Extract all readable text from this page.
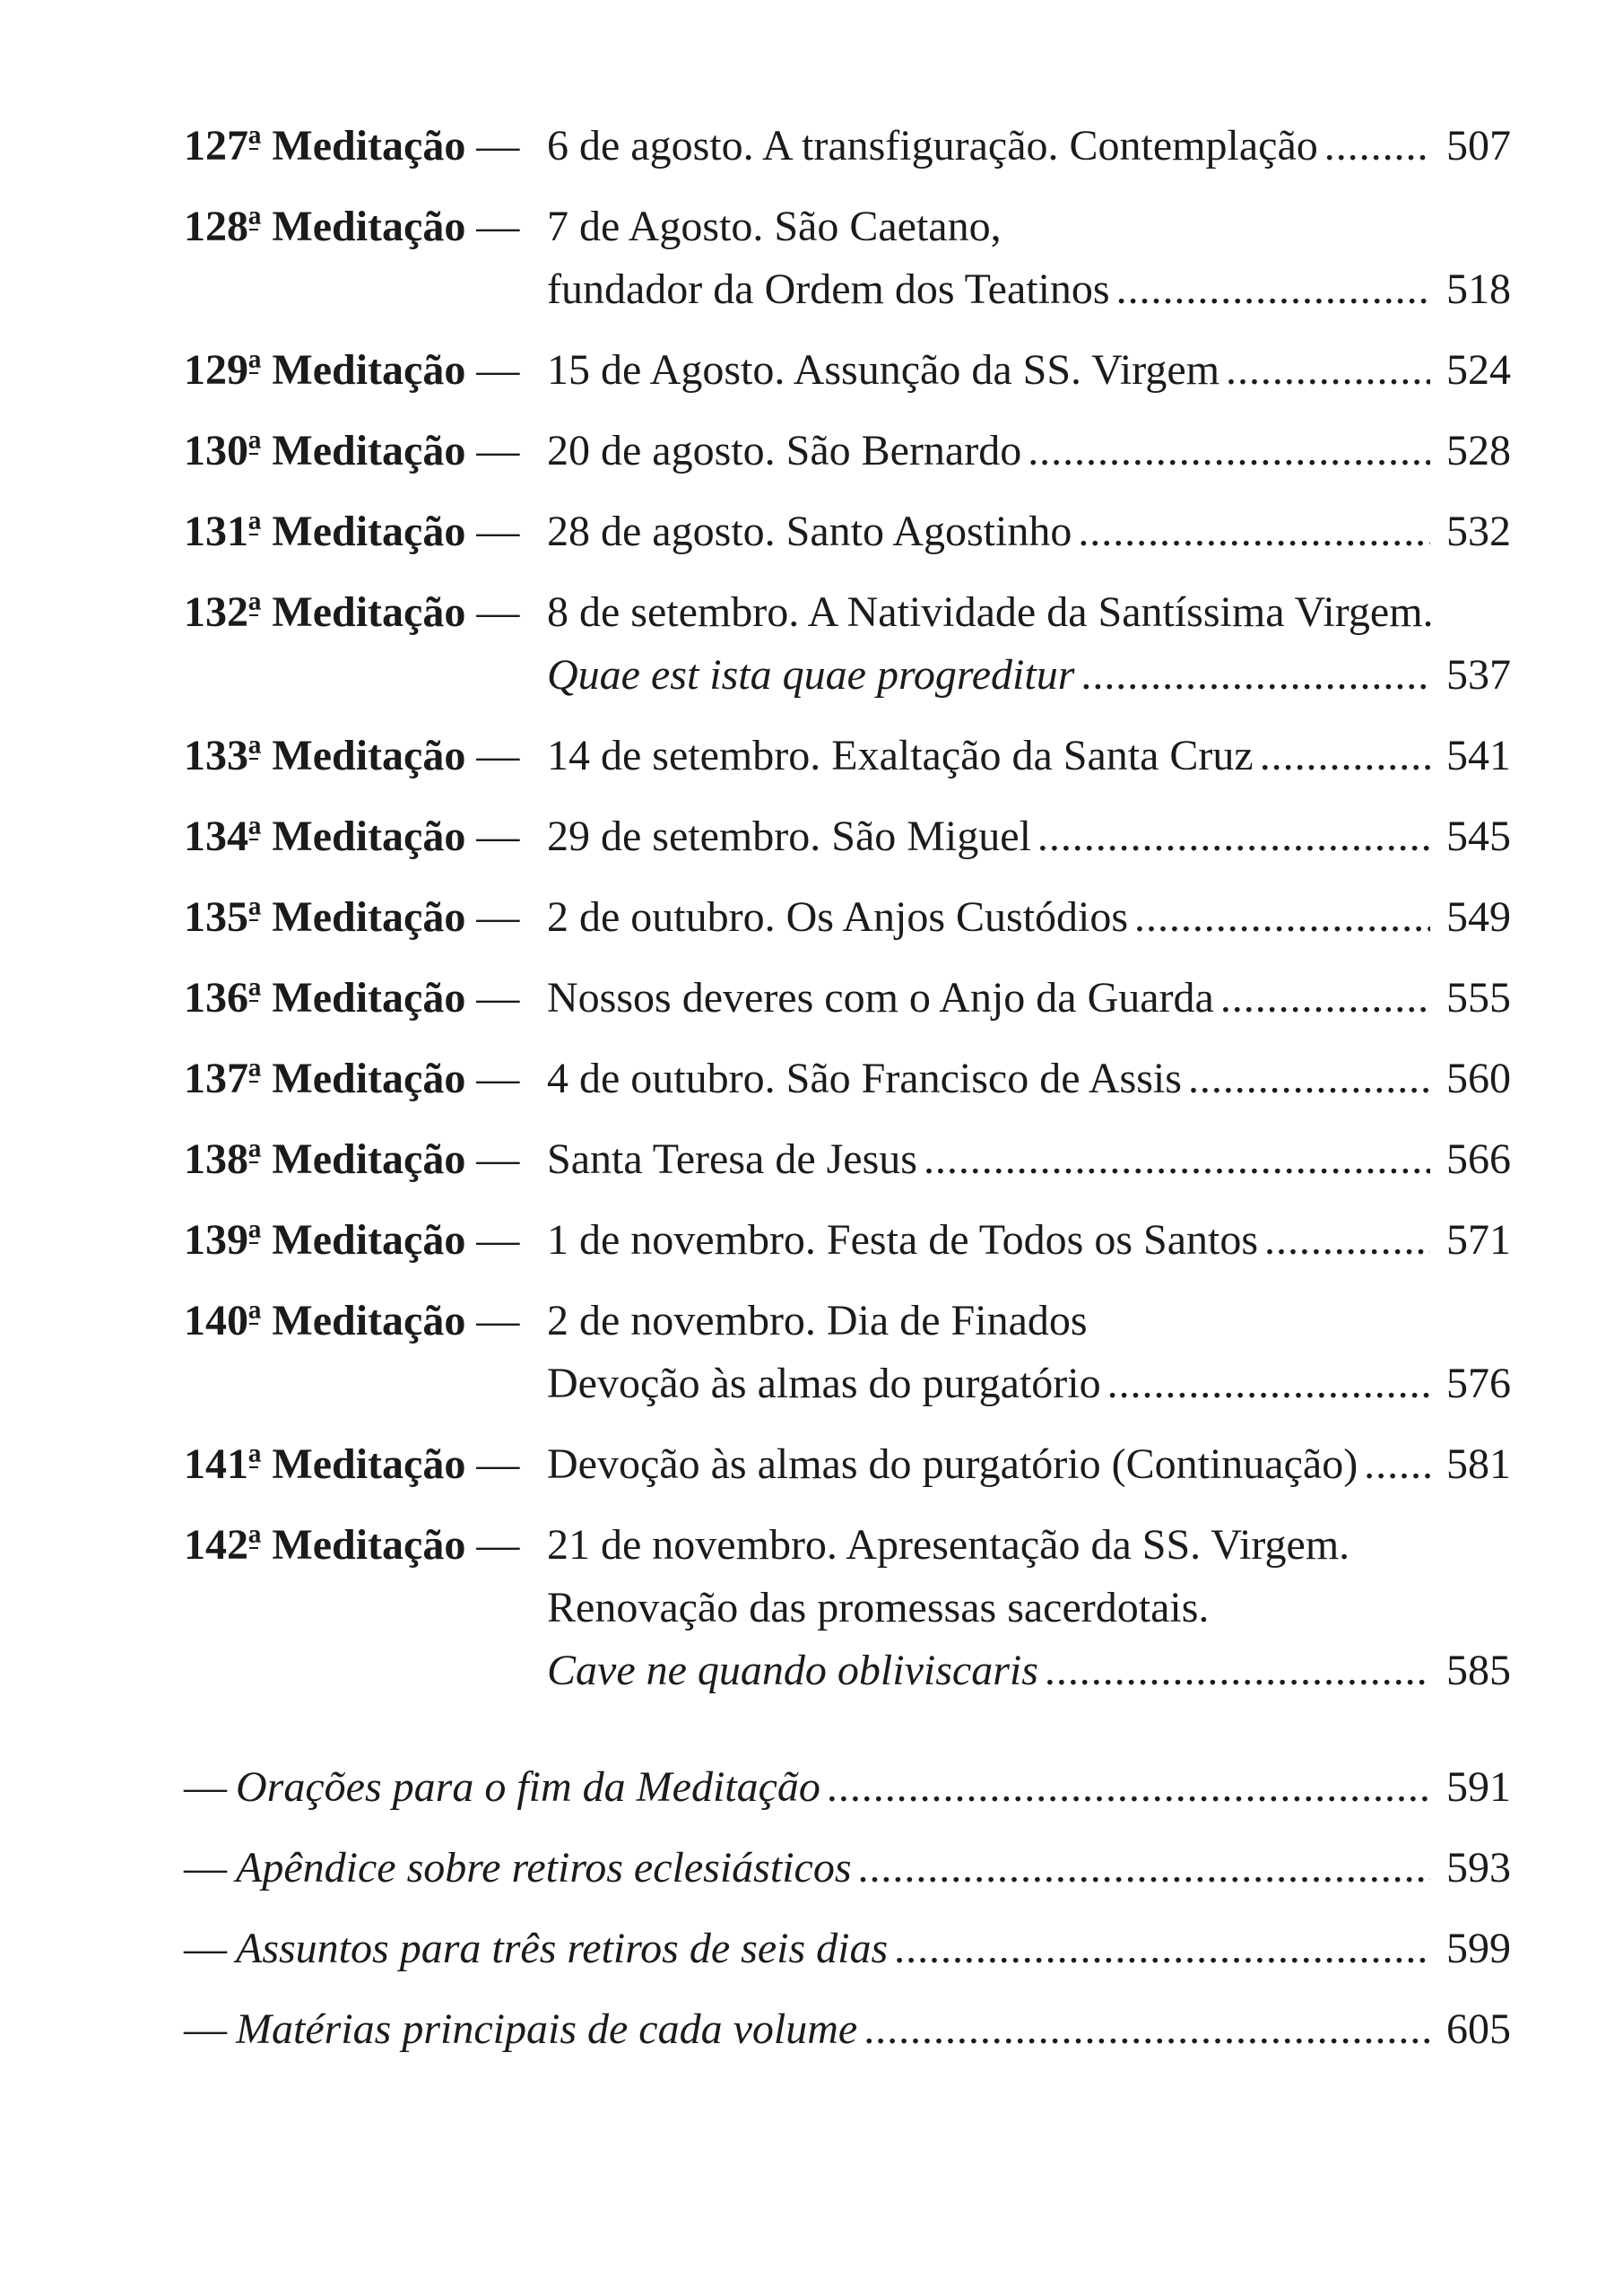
127ª Meditação — 6 de agosto. A transfiguração. Contemplação .....	507
128ª Meditação — 7 de Agosto. São Caetano,
fundador da Ordem dos Teatinos .....	518
129ª Meditação — 15 de Agosto. Assunção da SS. Virgem .....	524
130ª Meditação — 20 de agosto. São Bernardo .....	528
131ª Meditação — 28 de agosto. Santo Agostinho .....	532
132ª Meditação — 8 de setembro. A Natividade da Santíssima Virgem.
Quae est ista quae progreditur .....	537
133ª Meditação — 14 de setembro. Exaltação da Santa Cruz .....	541
134ª Meditação — 29 de setembro. São Miguel .....	545
135ª Meditação — 2 de outubro. Os Anjos Custódios .....	549
136ª Meditação — Nossos deveres com o Anjo da Guarda .....	555
137ª Meditação — 4 de outubro. São Francisco de Assis .....	560
138ª Meditação — Santa Teresa de Jesus .....	566
139ª Meditação — 1 de novembro. Festa de Todos os Santos .....	571
140ª Meditação — 2 de novembro. Dia de Finados
Devoção às almas do purgatório .....	576
141ª Meditação — Devoção às almas do purgatório (Continuação) ..... 581
142ª Meditação — 21 de novembro. Apresentação da SS. Virgem.
Renovação das promessas sacerdotais.
Cave ne quando obliviscaris .....	585
— Orações para o fim da Meditação .....	591
— Apêndice sobre retiros eclesiásticos .....	593
— Assuntos para três retiros de seis dias .....	599
— Matérias principais de cada volume .....	605
